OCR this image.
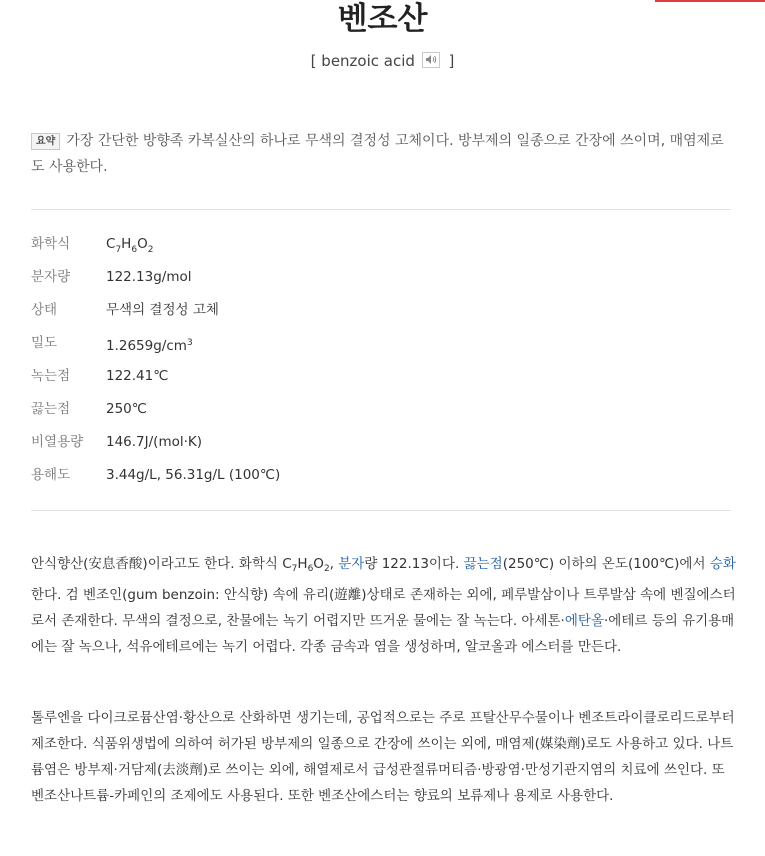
벤조산
[ benzoic acid
]
요약 가장 간단한 방향족 카복실산의 하나로 무색의 결정성 고체이다. 방부제의 일종으로 간장에 쓰이며, 매염제로도 사용한다.
화학식	$C_7H_6O_2$
분자량	122.13g/mol
상태	무색의 결정성 고체
밀도	$1.2659g/cm^3$
녹는점	122.41℃
끓는점	250℃
비열용량 146.7J/(mol·K)
용해도	3.44g/L, 56.31g/L (100℃)
안식향산(安息香酸)이라고도 한다. 화학식 $C_7H_6O_2$, 분자량 122.13이다. 끓는점(250℃) 이하의 온도(100℃)에서 승화한다. 검 벤조인(gum benzoin: 안식향) 속에 유리(遊離)상태로 존재하는 외에, 페루발삼이나 트루발삼 속에 벤질에스터로서 존재한다. 무색의 결정으로, 찬물에는 녹기 어렵지만 뜨거운 물에는 잘 녹는다. 아세톤·에탄올·에테르 등의 유기용매에는 잘 녹으나, 석유에테르에는 녹기 어렵다. 각종 금속과 염을 생성하며, 알코올과 에스터를 만든다.
톨루엔을 다이크로뮴산염·황산으로 산화하면 생기는데, 공업적으로는 주로 프탈산무수물이나 벤조트라이클로리드로부터 제조한다. 식품위생법에 의하여 허가된 방부제의 일종으로 간장에 쓰이는 외에, 매염제(媒染劑)로도 사용하고 있다. 나트륨염은 방부제·거담제(去淡劑)로 쓰이는 외에, 해열제로서 급성관절류머티즘·방광염·만성기관지염의 치료에 쓰인다. 또 벤조산나트륨-카페인의 조제에도 사용된다. 또한 벤조산에스터는 향료의 보류제나 용제로 사용한다.
